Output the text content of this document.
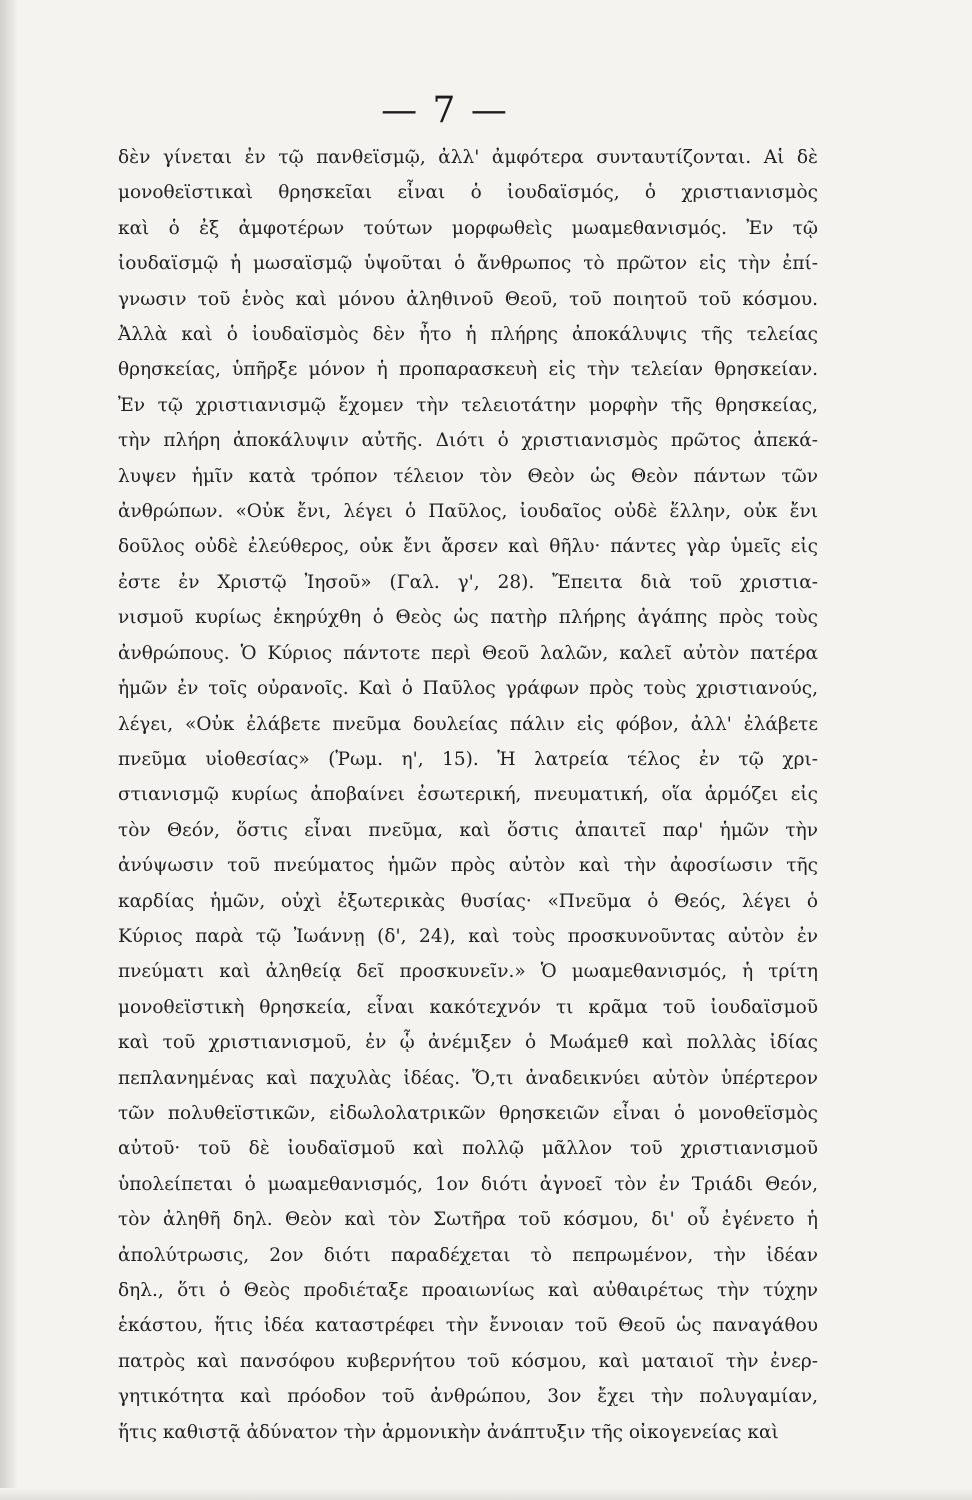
— 7 —

δὲν γίνεται ἐν τῷ πανθεϊσμῷ, ἀλλ' ἀμφότερα συνταυτίζονται. Αἱ δὲ
μονοθεϊστικαὶ θρησκεῖαι εἶναι ὁ ἰουδαϊσμός, ὁ χριστιανισμὸς
καὶ ὁ ἐξ ἀμφοτέρων τούτων μορφωθεὶς μωαμεθανισμός. Ἐν τῷ
ἰουδαϊσμῷ ἡ μωσαϊσμῷ ὑψοῦται ὁ ἄνθρωπος τὸ πρῶτον εἰς τὴν ἐπί-
γνωσιν τοῦ ἑνὸς καὶ μόνου ἀληθινοῦ Θεοῦ, τοῦ ποιητοῦ τοῦ κόσμου.
Ἀλλὰ καὶ ὁ ἰουδαϊσμὸς δὲν ἦτο ἡ πλήρης ἀποκάλυψις τῆς τελείας
θρησκείας, ὑπῆρξε μόνον ἡ προπαρασκευὴ εἰς τὴν τελείαν θρησκείαν.
Ἐν τῷ χριστιανισμῷ ἔχομεν τὴν τελειοτάτην μορφὴν τῆς θρησκείας,
τὴν πλήρη ἀποκάλυψιν αὐτῆς. Διότι ὁ χριστιανισμὸς πρῶτος ἀπεκά-
λυψεν ἡμῖν κατὰ τρόπον τέλειον τὸν Θεὸν ὡς Θεὸν πάντων τῶν
ἀνθρώπων. «Οὐκ ἔνι, λέγει ὁ Παῦλος, ἰουδαῖος οὐδὲ ἕλλην, οὐκ ἔνι
δοῦλος οὐδὲ ἐλεύθερος, οὐκ ἔνι ἄρσεν καὶ θῆλυ· πάντες γὰρ ὑμεῖς εἰς
ἐστε ἐν Χριστῷ Ἰησοῦ» (Γαλ. γ', 28). Ἔπειτα διὰ τοῦ χριστια-
νισμοῦ κυρίως ἐκηρύχθη ὁ Θεὸς ὡς πατὴρ πλήρης ἀγάπης πρὸς τοὺς
ἀνθρώπους. Ὁ Κύριος πάντοτε περὶ Θεοῦ λαλῶν, καλεῖ αὐτὸν πατέρα
ἡμῶν ἐν τοῖς οὐρανοῖς. Καὶ ὁ Παῦλος γράφων πρὸς τοὺς χριστιανούς,
λέγει, «Οὐκ ἐλάβετε πνεῦμα δουλείας πάλιν εἰς φόβον, ἀλλ' ἐλάβετε
πνεῦμα υἱοθεσίας» (Ῥωμ. η', 15). Ἡ λατρεία τέλος ἐν τῷ χρι-
στιανισμῷ κυρίως ἀποβαίνει ἐσωτερική, πνευματική, οἵα ἁρμόζει εἰς
τὸν Θεόν, ὅστις εἶναι πνεῦμα, καὶ ὅστις ἀπαιτεῖ παρ' ἡμῶν τὴν
ἀνύψωσιν τοῦ πνεύματος ἡμῶν πρὸς αὐτὸν καὶ τὴν ἀφοσίωσιν τῆς
καρδίας ἡμῶν, οὐχὶ ἐξωτερικὰς θυσίας· «Πνεῦμα ὁ Θεός, λέγει ὁ
Κύριος παρὰ τῷ Ἰωάννῃ (δ', 24), καὶ τοὺς προσκυνοῦντας αὐτὸν ἐν
πνεύματι καὶ ἀληθείᾳ δεῖ προσκυνεῖν.» Ὁ μωαμεθανισμός, ἡ τρίτη
μονοθεϊστικὴ θρησκεία, εἶναι κακότεχνόν τι κρᾶμα τοῦ ἰουδαϊσμοῦ
καὶ τοῦ χριστιανισμοῦ, ἐν ᾧ ἀνέμιξεν ὁ Μωάμεθ καὶ πολλὰς ἰδίας
πεπλανημένας καὶ παχυλὰς ἰδέας. Ὅ,τι ἀναδεικνύει αὐτὸν ὑπέρτερον
τῶν πολυθεϊστικῶν, εἰδωλολατρικῶν θρησκειῶν εἶναι ὁ μονοθεϊσμὸς
αὐτοῦ· τοῦ δὲ ἰουδαϊσμοῦ καὶ πολλῷ μᾶλλον τοῦ χριστιανισμοῦ
ὑπολείπεται ὁ μωαμεθανισμός, 1ον διότι ἀγνοεῖ τὸν ἐν Τριάδι Θεόν,
τὸν ἀληθῆ δηλ. Θεὸν καὶ τὸν Σωτῆρα τοῦ κόσμου, δι' οὗ ἐγένετο ἡ
ἀπολύτρωσις, 2ον διότι παραδέχεται τὸ πεπρωμένον, τὴν ἰδέαν
δηλ., ὅτι ὁ Θεὸς προδιέταξε προαιωνίως καὶ αὐθαιρέτως τὴν τύχην
ἑκάστου, ἥτις ἰδέα καταστρέφει τὴν ἔννοιαν τοῦ Θεοῦ ὡς παναγάθου
πατρὸς καὶ πανσόφου κυβερνήτου τοῦ κόσμου, καὶ ματαιοῖ τὴν ἐνερ-
γητικότητα καὶ πρόοδον τοῦ ἀνθρώπου, 3ον ἔχει τὴν πολυγαμίαν,
ἥτις καθιστᾷ ἀδύνατον τὴν ἁρμονικὴν ἀνάπτυξιν τῆς οἰκογενείας καὶ
